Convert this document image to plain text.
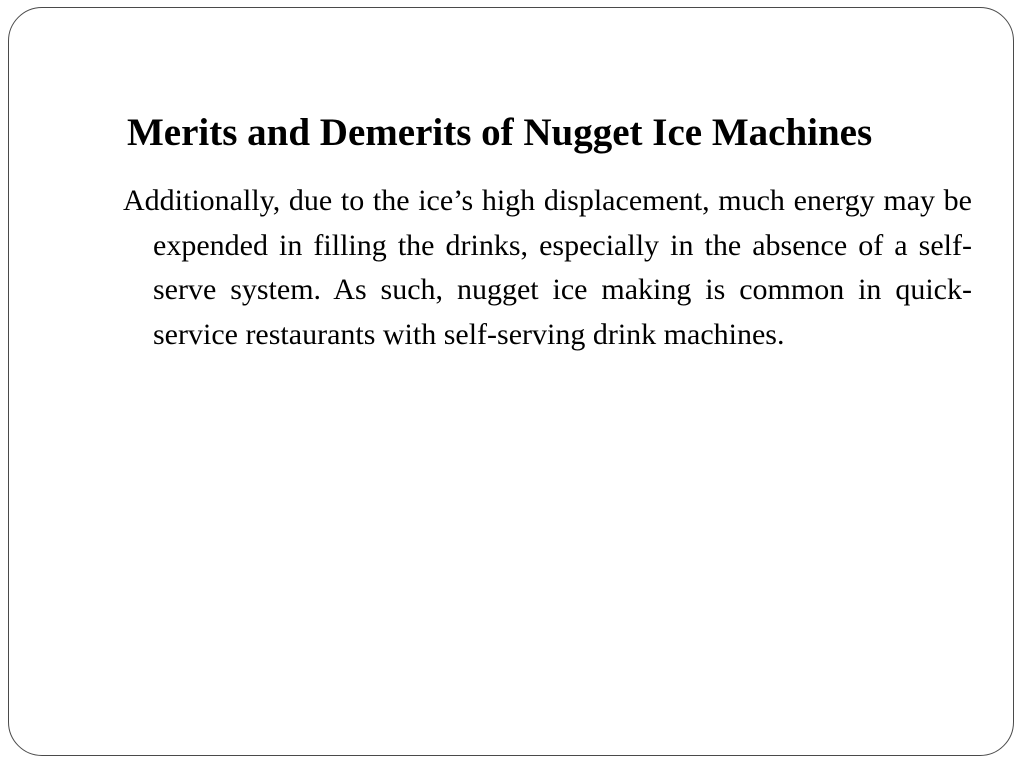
Merits and Demerits of Nugget Ice Machines

Additionally, due to the ice’s high displacement, much energy may be expended in filling the drinks, especially in the absence of a self-serve system. As such, nugget ice making is common in quick-service restaurants with self-serving drink machines.
